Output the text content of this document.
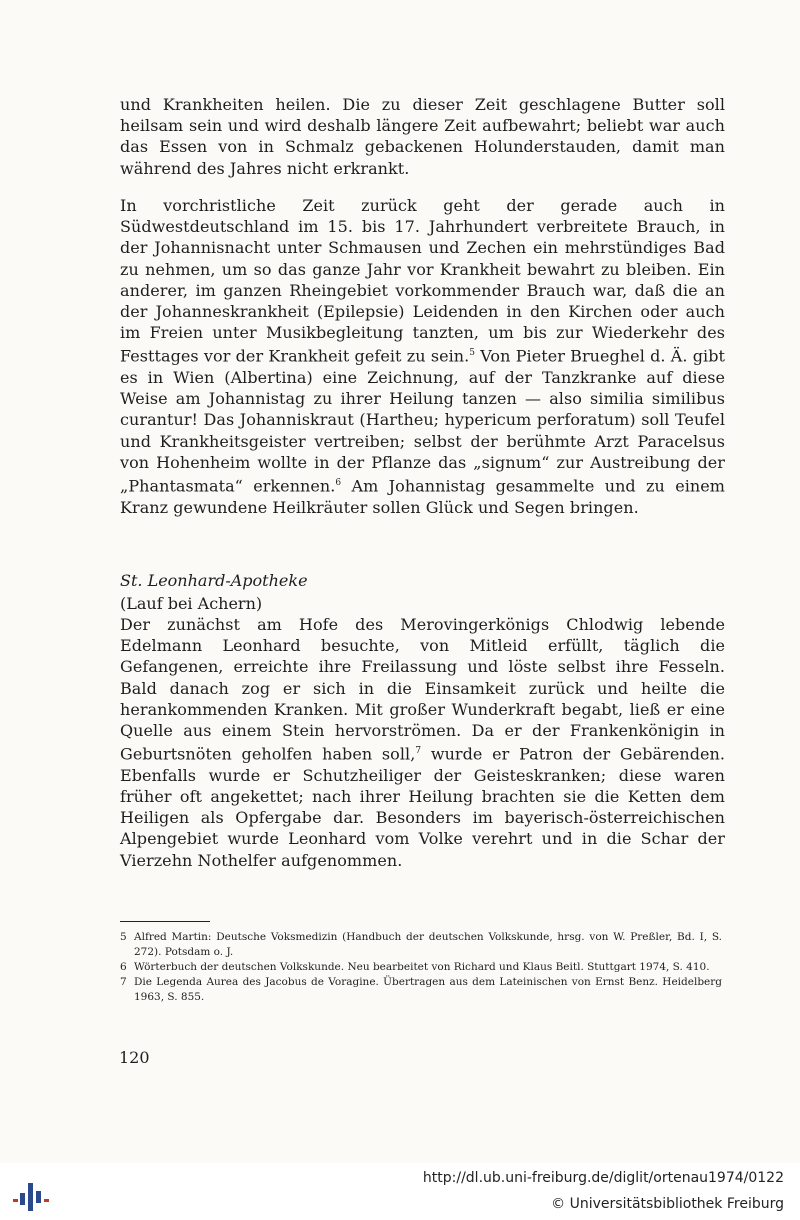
und Krankheiten heilen. Die zu dieser Zeit geschlagene Butter soll heilsam sein und wird deshalb längere Zeit aufbewahrt; beliebt war auch das Essen von in Schmalz gebackenen Holunderstauden, damit man während des Jahres nicht erkrankt.
In vorchristliche Zeit zurück geht der gerade auch in Südwestdeutschland im 15. bis 17. Jahrhundert verbreitete Brauch, in der Johannisnacht unter Schmausen und Zechen ein mehrstündiges Bad zu nehmen, um so das ganze Jahr vor Krankheit bewahrt zu bleiben. Ein anderer, im ganzen Rheingebiet vorkommender Brauch war, daß die an der Johanneskrankheit (Epilepsie) Leidenden in den Kirchen oder auch im Freien unter Musikbegleitung tanzten, um bis zur Wiederkehr des Festtages vor der Krankheit gefeit zu sein.$^5$ Von Pieter Brueghel d. Ä. gibt es in Wien (Albertina) eine Zeichnung, auf der Tanzkranke auf diese Weise am Johannistag zu ihrer Heilung tanzen — also similia similibus curantur! Das Johanniskraut (Hartheu; hypericum perforatum) soll Teufel und Krankheitsgeister vertreiben; selbst der berühmte Arzt Paracelsus von Hohenheim wollte in der Pflanze das „signum“ zur Austreibung der „Phantasmata“ erkennen.$^6$ Am Johannistag gesammelte und zu einem Kranz gewundene Heilkräuter sollen Glück und Segen bringen.
St. Leonhard-Apotheke
(Lauf bei Achern)
Der zunächst am Hofe des Merovingerkönigs Chlodwig lebende Edelmann Leonhard besuchte, von Mitleid erfüllt, täglich die Gefangenen, erreichte ihre Freilassung und löste selbst ihre Fesseln. Bald danach zog er sich in die Einsamkeit zurück und heilte die herankommenden Kranken. Mit großer Wunderkraft begabt, ließ er eine Quelle aus einem Stein hervorströmen. Da er der Frankenkönigin in Geburtsnöten geholfen haben soll,$^7$ wurde er Patron der Gebärenden. Ebenfalls wurde er Schutzheiliger der Geisteskranken; diese waren früher oft angekettet; nach ihrer Heilung brachten sie die Ketten dem Heiligen als Opfergabe dar. Besonders im bayerisch-österreichischen Alpengebiet wurde Leonhard vom Volke verehrt und in die Schar der Vierzehn Nothelfer aufgenommen.
5 Alfred Martin: Deutsche Voksmedizin (Handbuch der deutschen Volkskunde, hrsg. von W. Preßler, Bd. I, S. 272). Potsdam o. J.
6 Wörterbuch der deutschen Volkskunde. Neu bearbeitet von Richard und Klaus Beitl. Stuttgart 1974, S. 410.
7 Die Legenda Aurea des Jacobus de Voragine. Übertragen aus dem Lateinischen von Ernst Benz. Heidelberg 1963, S. 855.
120
http://dl.ub.uni-freiburg.de/diglit/ortenau1974/0122
© Universitätsbibliothek Freiburg
